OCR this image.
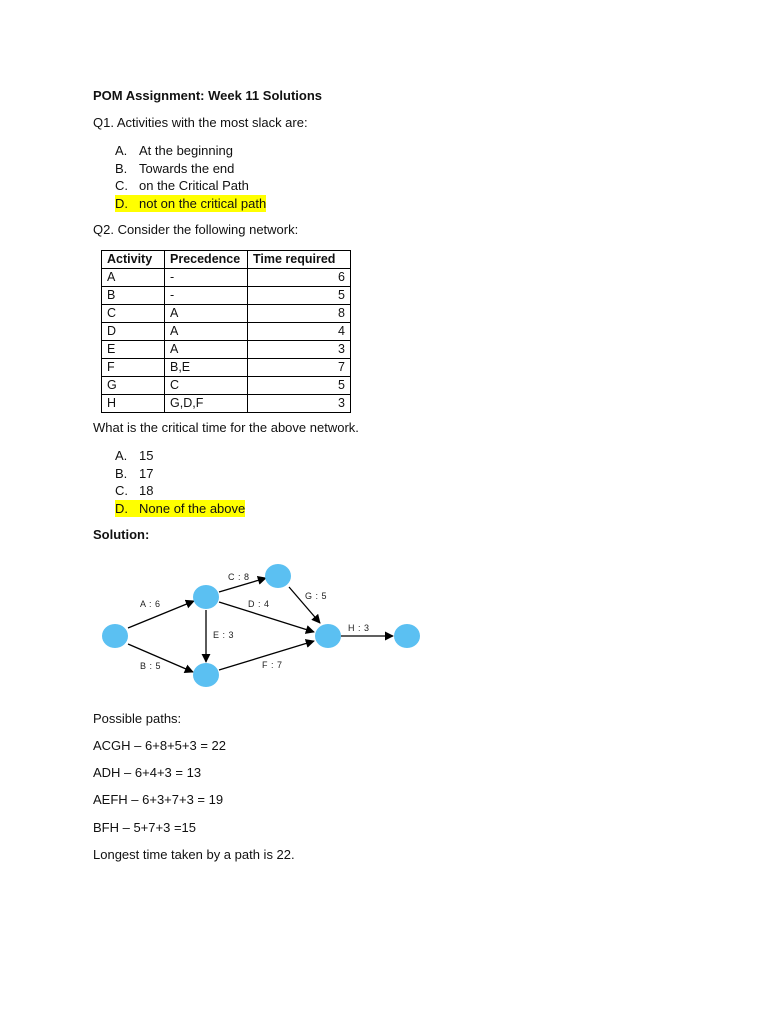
POM Assignment: Week 11 Solutions
Q1. Activities with the most slack are:
A. At the beginning
B. Towards the end
C. on the Critical Path
D. not on the critical path
Q2. Consider the following network:
Activity	Precedence	Time required
A	-	6
B	-	5
C	A	8
D	A	4
E	A	3
F	B,E	7
G	C	5
H	G,D,F	3
What is the critical time for the above network.
A. 15
B. 17
C. 18
D. None of the above
Solution:
A : 6
B : 5
C : 8
D : 4
E : 3
F : 7
G : 5
H : 3
Possible paths:
ACGH – 6+8+5+3 = 22
ADH – 6+4+3 = 13
AEFH – 6+3+7+3 = 19
BFH – 5+7+3 =15
Longest time taken by a path is 22.
